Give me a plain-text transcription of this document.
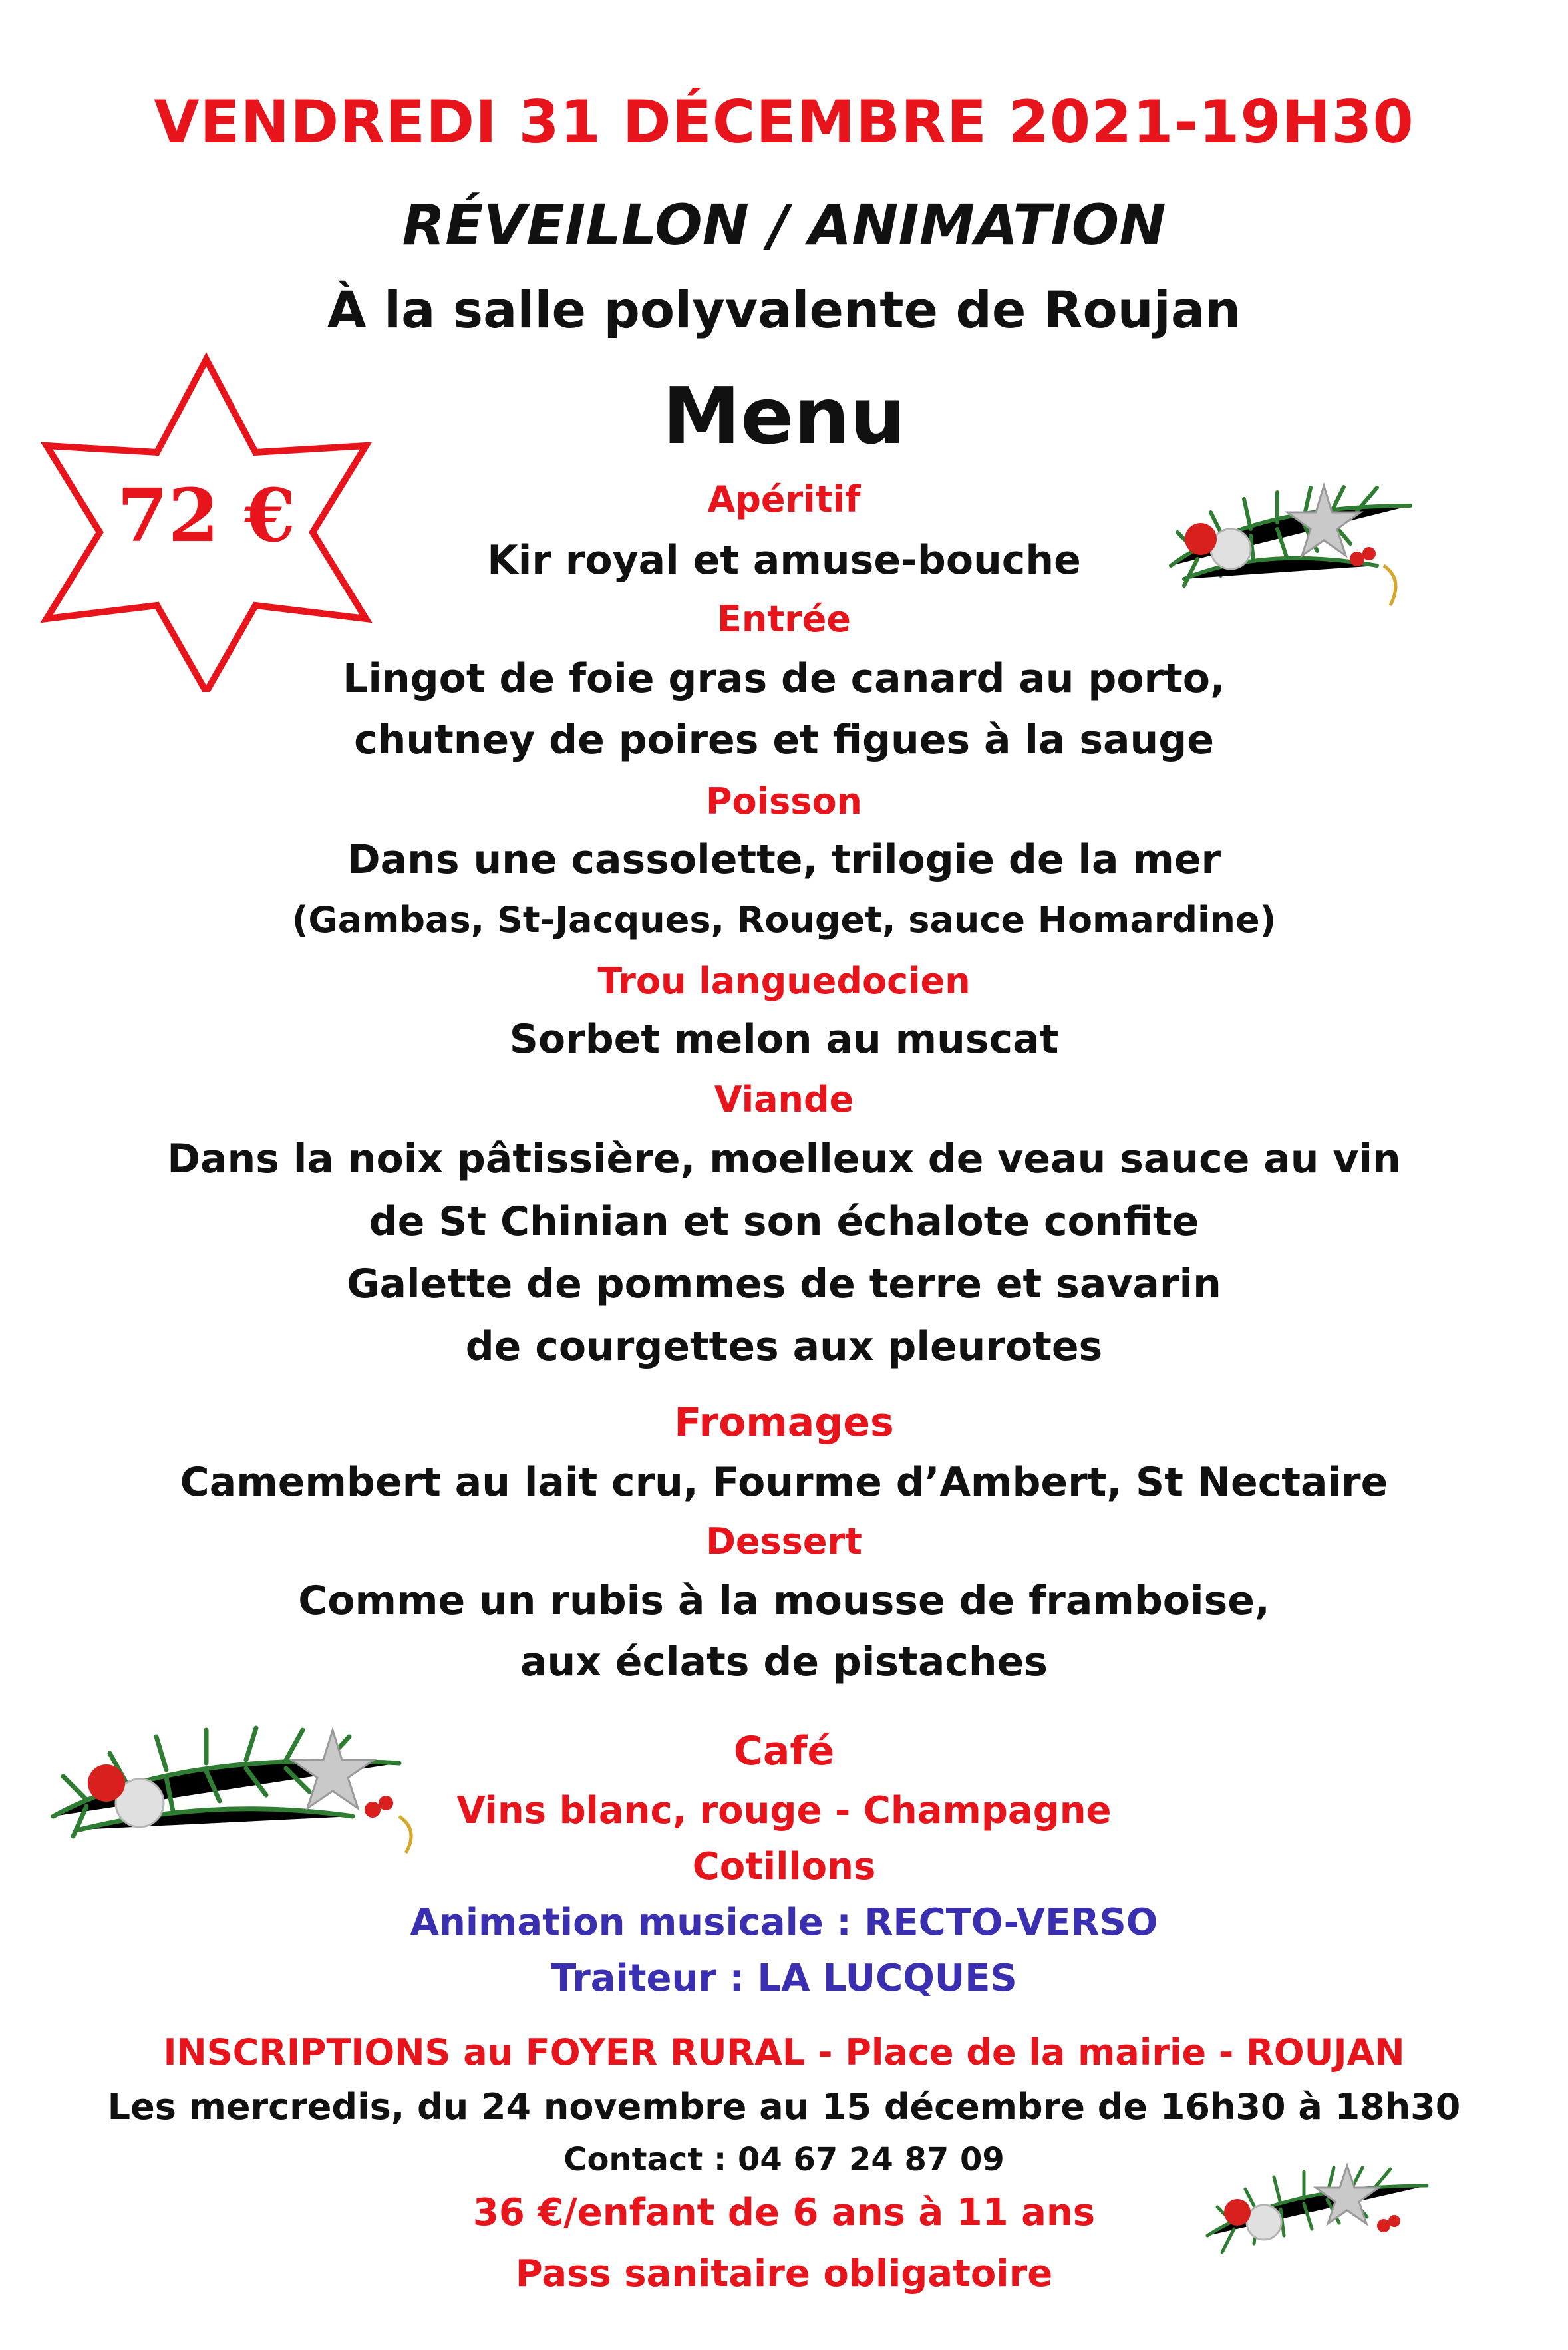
VENDREDI 31 DÉCEMBRE 2021-19H30
RÉVEILLON / ANIMATION
À la salle polyvalente de Roujan
Menu
72 €	Apéritif
Kir royal et amuse-bouche
Entrée
Lingot de foie gras de canard au porto,
chutney de poires et figues à la sauge
Poisson
Dans une cassolette, trilogie de la mer
(Gambas, St-Jacques, Rouget, sauce Homardine)
Trou languedocien
Sorbet melon au muscat
Viande
Dans la noix pâtissière, moelleux de veau sauce au vin
de St Chinian et son échalote confite
Galette de pommes de terre et savarin
de courgettes aux pleurotes
Fromages
Camembert au lait cru, Fourme d’Ambert, St Nectaire
Dessert
Comme un rubis à la mousse de framboise,
aux éclats de pistaches
Café
Vins blanc, rouge - Champagne
Cotillons
Animation musicale : RECTO-VERSO
Traiteur : LA LUCQUES
INSCRIPTIONS au FOYER RURAL - Place de la mairie - ROUJAN
Les mercredis, du 24 novembre au 15 décembre de 16h30 à 18h30
Contact : 04 67 24 87 09
36 €/enfant de 6 ans à 11 ans
Pass sanitaire obligatoire
